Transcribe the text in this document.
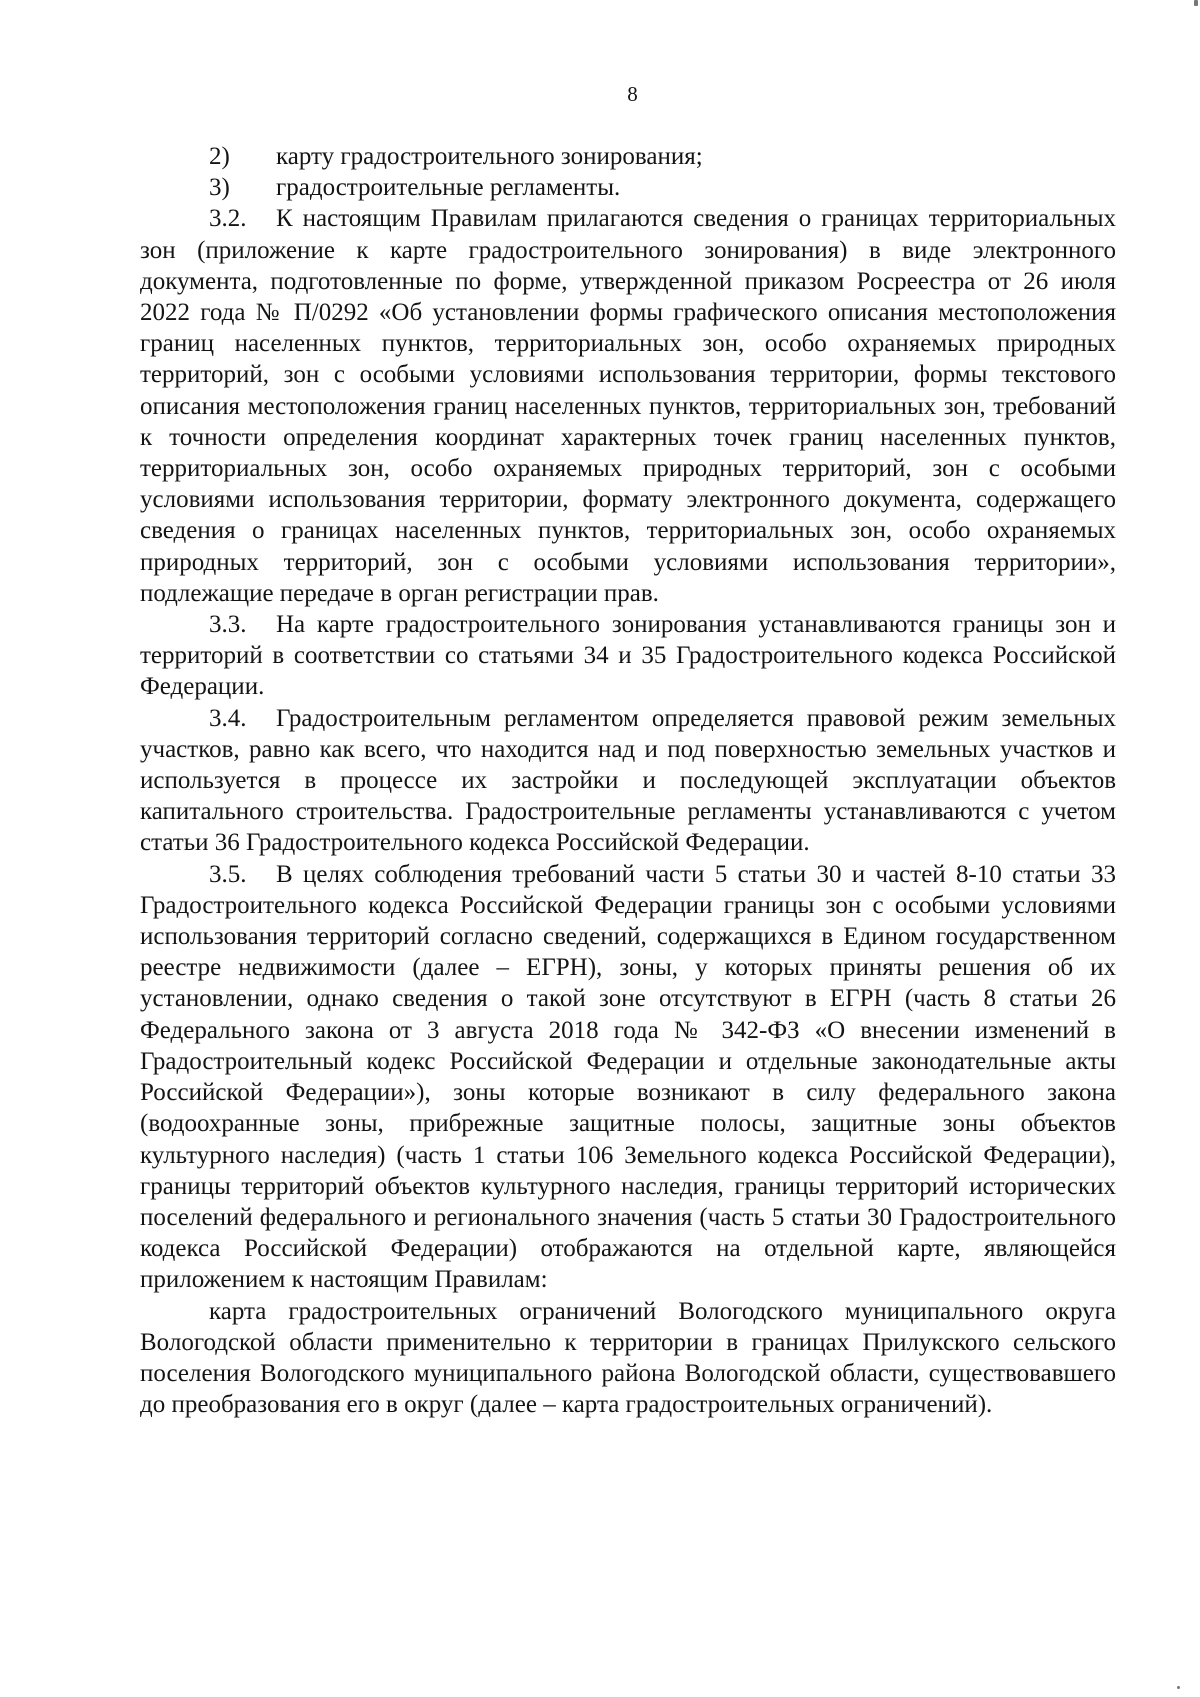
8
2)	карту градостроительного зонирования;
3)	градостроительные регламенты.

3.2. К настоящим Правилам прилагаются сведения о границах территориальных зон (приложение к карте градостроительного зонирования) в виде электронного документа, подготовленные по форме, утвержденной приказом Росреестра от 26 июля 2022 года № П/0292 «Об установлении формы графического описания местоположения границ населенных пунктов, территориальных зон, особо охраняемых природных территорий, зон с особыми условиями использования территории, формы текстового описания местоположения границ населенных пунктов, территориальных зон, требований к точности определения координат характерных точек границ населенных пунктов, территориальных зон, особо охраняемых природных территорий, зон с особыми условиями использования территории, формату электронного документа, содержащего сведения о границах населенных пунктов, территориальных зон, особо охраняемых природных территорий, зон с особыми условиями использования территории», подлежащие передаче в орган регистрации прав.

3.3. На карте градостроительного зонирования устанавливаются границы зон и территорий в соответствии со статьями 34 и 35 Градостроительного кодекса Российской Федерации.

3.4. Градостроительным регламентом определяется правовой режим земельных участков, равно как всего, что находится над и под поверхностью земельных участков и используется в процессе их застройки и последующей эксплуатации объектов капитального строительства. Градостроительные регламенты устанавливаются с учетом статьи 36 Градостроительного кодекса Российской Федерации.

3.5. В целях соблюдения требований части 5 статьи 30 и частей 8-10 статьи 33 Градостроительного кодекса Российской Федерации границы зон с особыми условиями использования территорий согласно сведений, содержащихся в Едином государственном реестре недвижимости (далее – ЕГРН), зоны, у которых приняты решения об их установлении, однако сведения о такой зоне отсутствуют в ЕГРН (часть 8 статьи 26 Федерального закона от 3 августа 2018 года № 342-ФЗ «О внесении изменений в Градостроительный кодекс Российской Федерации и отдельные законодательные акты Российской Федерации»), зоны которые возникают в силу федерального закона (водоохранные зоны, прибрежные защитные полосы, защитные зоны объектов культурного наследия) (часть 1 статьи 106 Земельного кодекса Российской Федерации), границы территорий объектов культурного наследия, границы территорий исторических поселений федерального и регионального значения (часть 5 статьи 30 Градостроительного кодекса Российской Федерации) отображаются на отдельной карте, являющейся приложением к настоящим Правилам:

карта градостроительных ограничений Вологодского муниципального округа Вологодской области применительно к территории в границах Прилукского сельского поселения Вологодского муниципального района Вологодской области, существовавшего до преобразования его в округ (далее – карта градостроительных ограничений).
